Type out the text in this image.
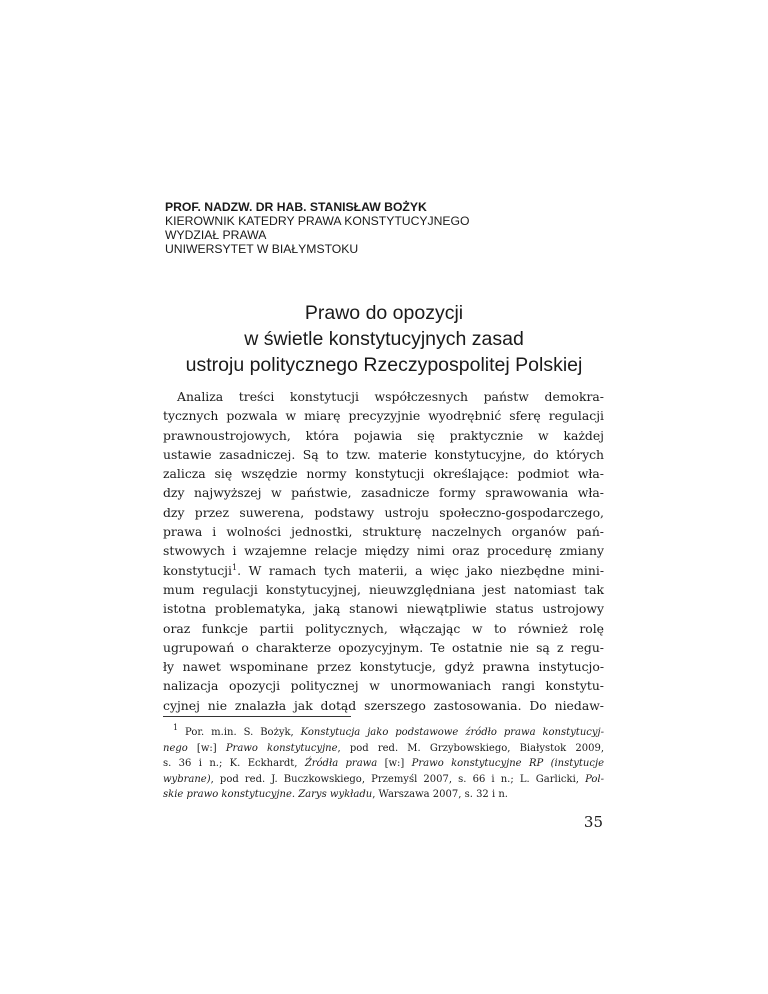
PROF. NADZW. DR HAB. STANISŁAW BOŻYK
KIEROWNIK KATEDRY PRAWA KONSTYTUCYJNEGO
WYDZIAŁ PRAWA
UNIWERSYTET W BIAŁYMSTOKU
Prawo do opozycji
w świetle konstytucyjnych zasad
ustroju politycznego Rzeczypospolitej Polskiej
Analiza treści konstytucji współczesnych państw demokra-
tycznych pozwala w miarę precyzyjnie wyodrębnić sferę regulacji
prawnoustrojowych, która pojawia się praktycznie w każdej
ustawie zasadniczej. Są to tzw. materie konstytucyjne, do których
zalicza się wszędzie normy konstytucji określające: podmiot wła-
dzy najwyższej w państwie, zasadnicze formy sprawowania wła-
dzy przez suwerena, podstawy ustroju społeczno-gospodarczego,
prawa i wolności jednostki, strukturę naczelnych organów pań-
stwowych i wzajemne relacje między nimi oraz procedurę zmiany
konstytucji$^1$. W ramach tych materii, a więc jako niezbędne mini-
mum regulacji konstytucyjnej, nieuwzględniana jest natomiast tak
istotna problematyka, jaką stanowi niewątpliwie status ustrojowy
oraz funkcje partii politycznych, włączając w to również rolę
ugrupowań o charakterze opozycyjnym. Te ostatnie nie są z regu-
ły nawet wspominane przez konstytucje, gdyż prawna instytucjo-
nalizacja opozycji politycznej w unormowaniach rangi konstytu-
cyjnej nie znalazła jak dotąd szerszego zastosowania. Do niedaw-
$^1$ Por. m.in. S. Bożyk, Konstytucja jako podstawowe źródło prawa konstytucyj-
nego [w:] Prawo konstytucyjne, pod red. M. Grzybowskiego, Białystok 2009,
s. 36 i n.; K. Eckhardt, Źródła prawa [w:] Prawo konstytucyjne RP (instytucje
wybrane), pod red. J. Buczkowskiego, Przemyśl 2007, s. 66 i n.; L. Garlicki, Pol-
skie prawo konstytucyjne. Zarys wykładu, Warszawa 2007, s. 32 i n.
35
